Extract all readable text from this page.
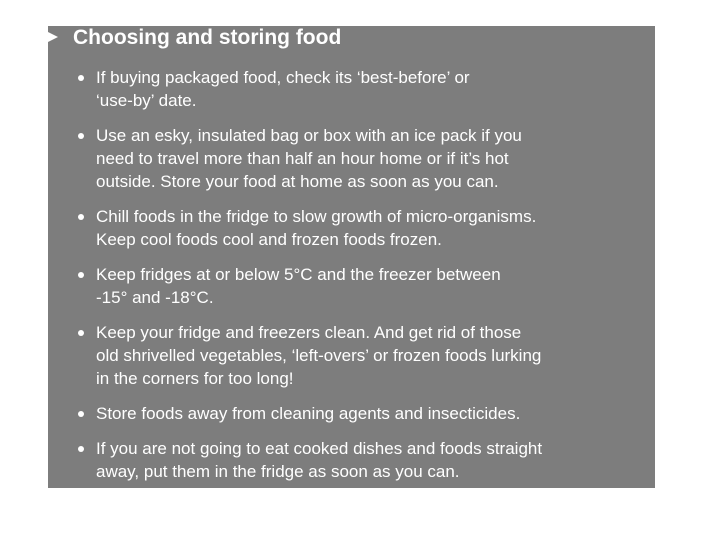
Choosing and storing food
If buying packaged food, check its ‘best-before’ or
‘use-by’ date.
Use an esky, insulated bag or box with an ice pack if you
need to travel more than half an hour home or if it’s hot
outside. Store your food at home as soon as you can.
Chill foods in the fridge to slow growth of micro-organisms.
Keep cool foods cool and frozen foods frozen.
Keep fridges at or below 5°C and the freezer between
-15° and -18°C.
Keep your fridge and freezers clean. And get rid of those
old shrivelled vegetables, ‘left-overs’ or frozen foods lurking
in the corners for too long!
Store foods away from cleaning agents and insecticides.
If you are not going to eat cooked dishes and foods straight
away, put them in the fridge as soon as you can.
